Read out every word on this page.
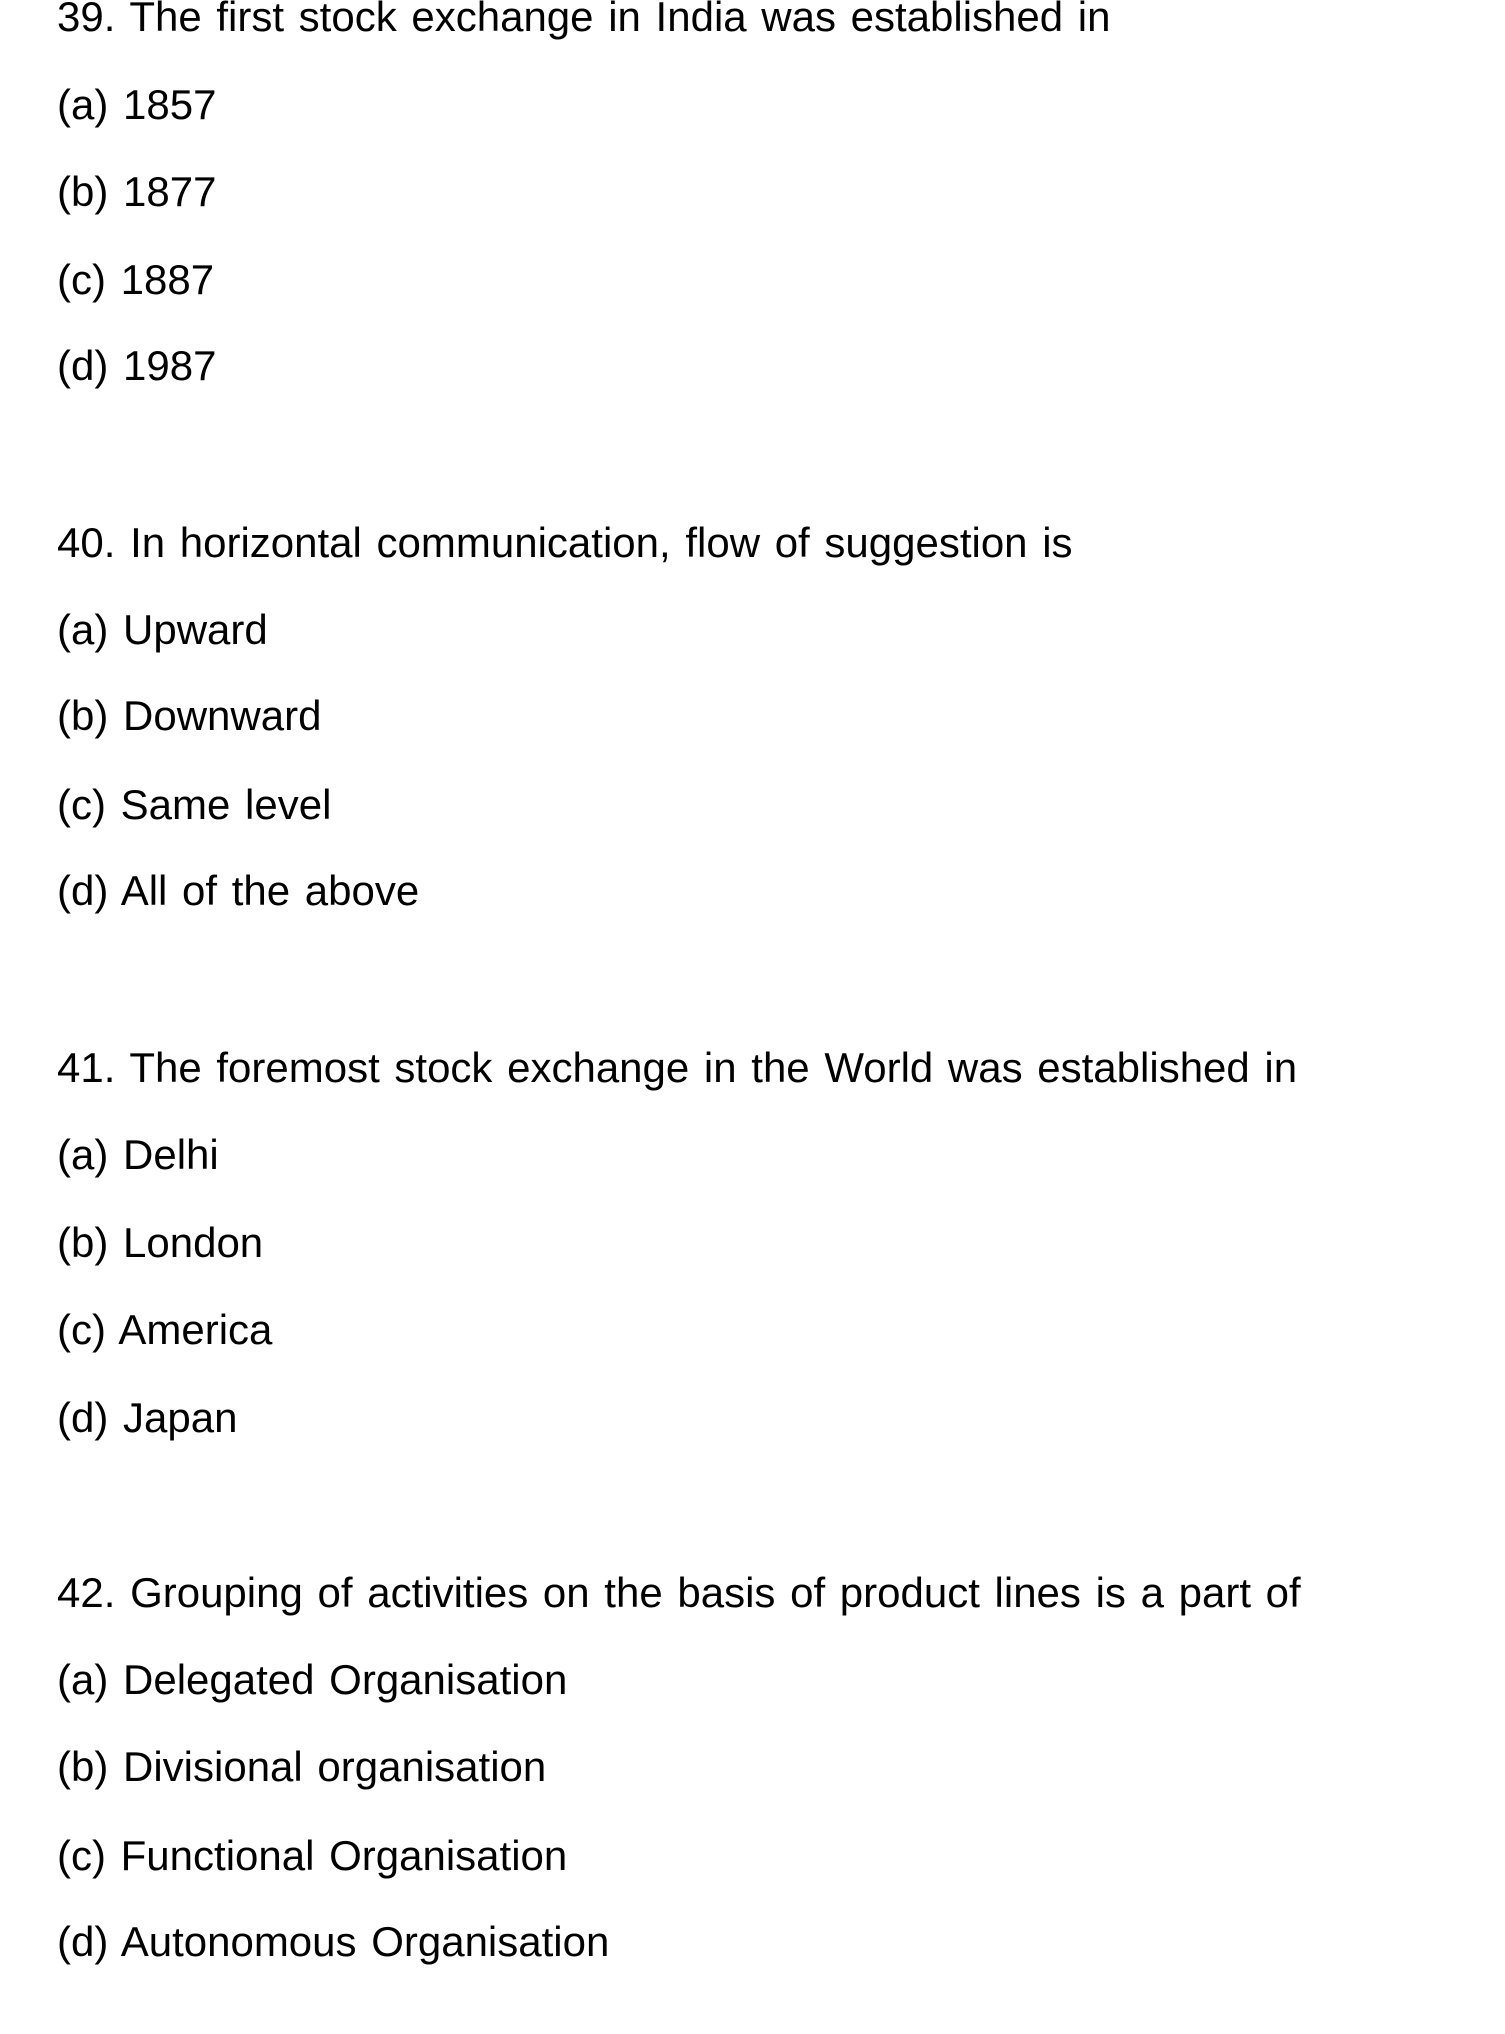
39. The first stock exchange in India was established in
(a) 1857
(b) 1877
(c) 1887
(d) 1987
40. In horizontal communication, flow of suggestion is
(a) Upward
(b) Downward
(c) Same level
(d) All of the above
41. The foremost stock exchange in the World was established in
(a) Delhi
(b) London
(c) America
(d) Japan
42. Grouping of activities on the basis of product lines is a part of
(a) Delegated Organisation
(b) Divisional organisation
(c) Functional Organisation
(d) Autonomous Organisation
